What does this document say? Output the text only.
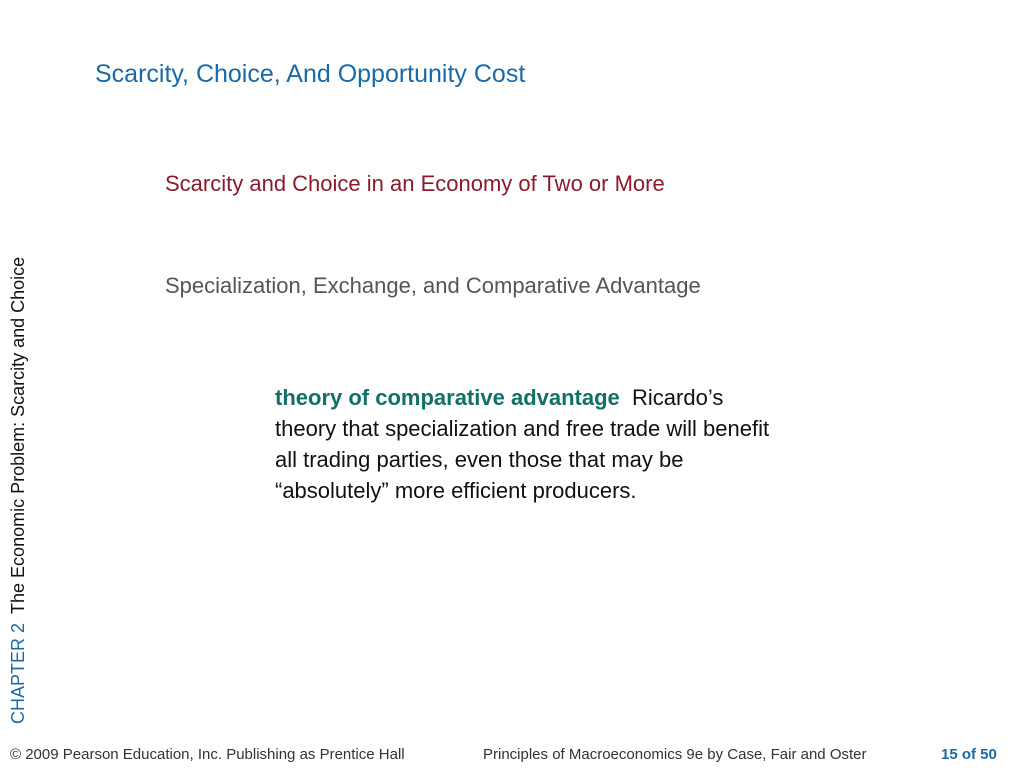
Scarcity, Choice, And Opportunity Cost
CHAPTER 2The Economic Problem: Scarcity and Choice
Scarcity and Choice in an Economy of Two or More
Specialization, Exchange, and Comparative Advantage
theory of comparative advantage Ricardo’s
theory that specialization and free trade will benefit
all trading parties, even those that may be
“absolutely” more efficient producers.
© 2009 Pearson Education, Inc. Publishing as Prentice Hall	Principles of Macroeconomics 9e by Case, Fair and Oster	15 of 50
